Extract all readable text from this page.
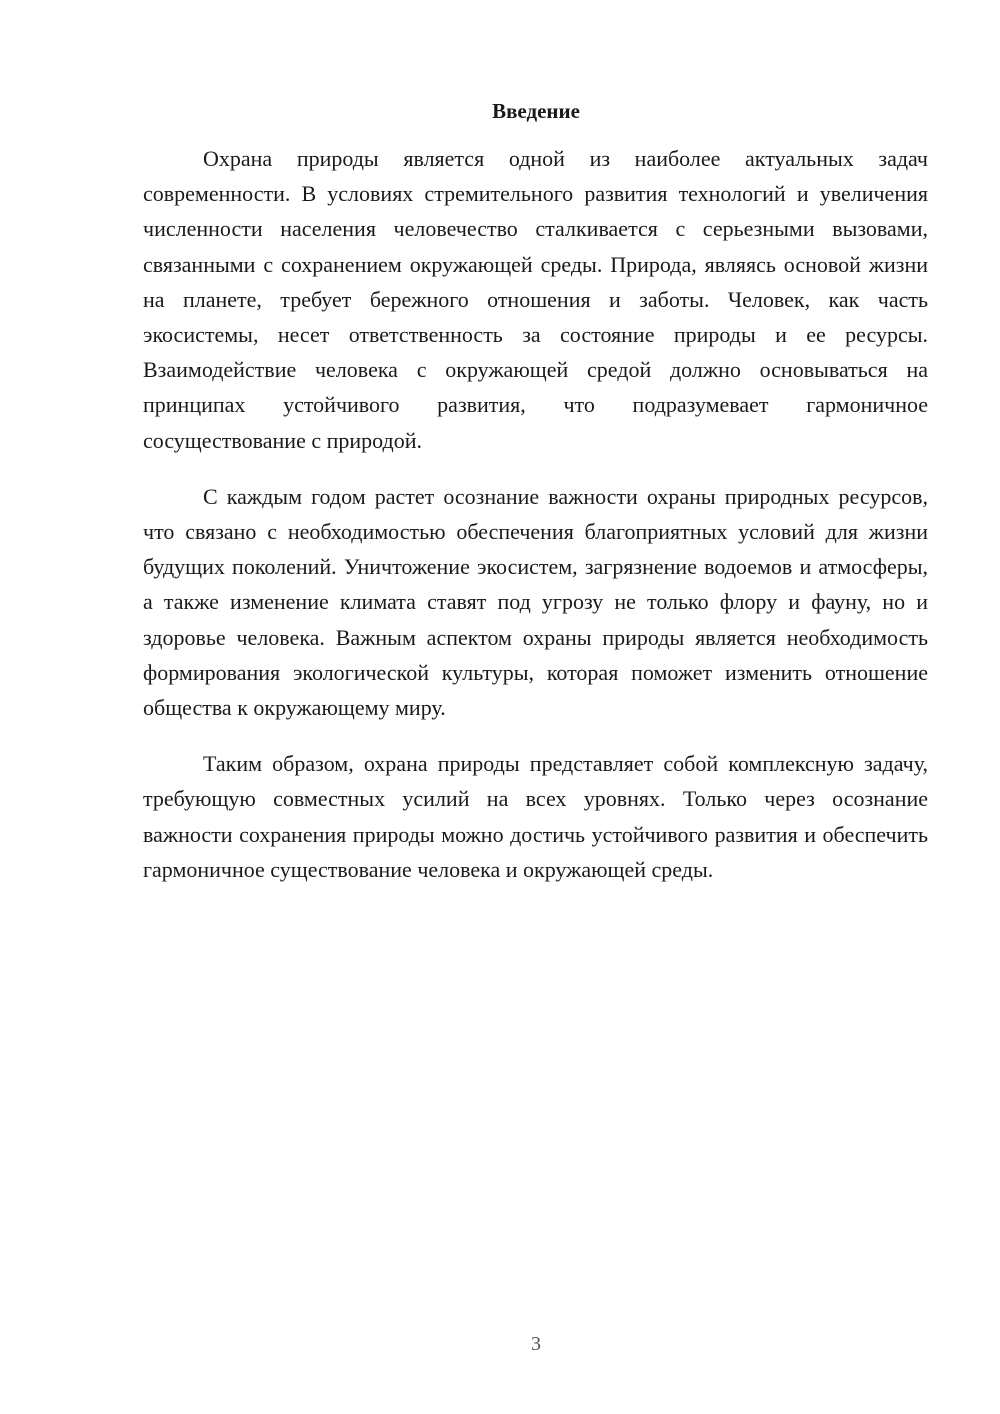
Введение

Охрана природы является одной из наиболее актуальных задач современности. В условиях стремительного развития технологий и увеличения численности населения человечество сталкивается с серьезными вызовами, связанными с сохранением окружающей среды. Природа, являясь основой жизни на планете, требует бережного отношения и заботы. Человек, как часть экосистемы, несет ответственность за состояние природы и ее ресурсы. Взаимодействие человека с окружающей средой должно основываться на принципах устойчивого развития, что подразумевает гармоничное сосуществование с природой.

С каждым годом растет осознание важности охраны природных ресурсов, что связано с необходимостью обеспечения благоприятных условий для жизни будущих поколений. Уничтожение экосистем, загрязнение водоемов и атмосферы, а также изменение климата ставят под угрозу не только флору и фауну, но и здоровье человека. Важным аспектом охраны природы является необходимость формирования экологической культуры, которая поможет изменить отношение общества к окружающему миру.

Таким образом, охрана природы представляет собой комплексную задачу, требующую совместных усилий на всех уровнях. Только через осознание важности сохранения природы можно достичь устойчивого развития и обеспечить гармоничное существование человека и окружающей среды.

3
